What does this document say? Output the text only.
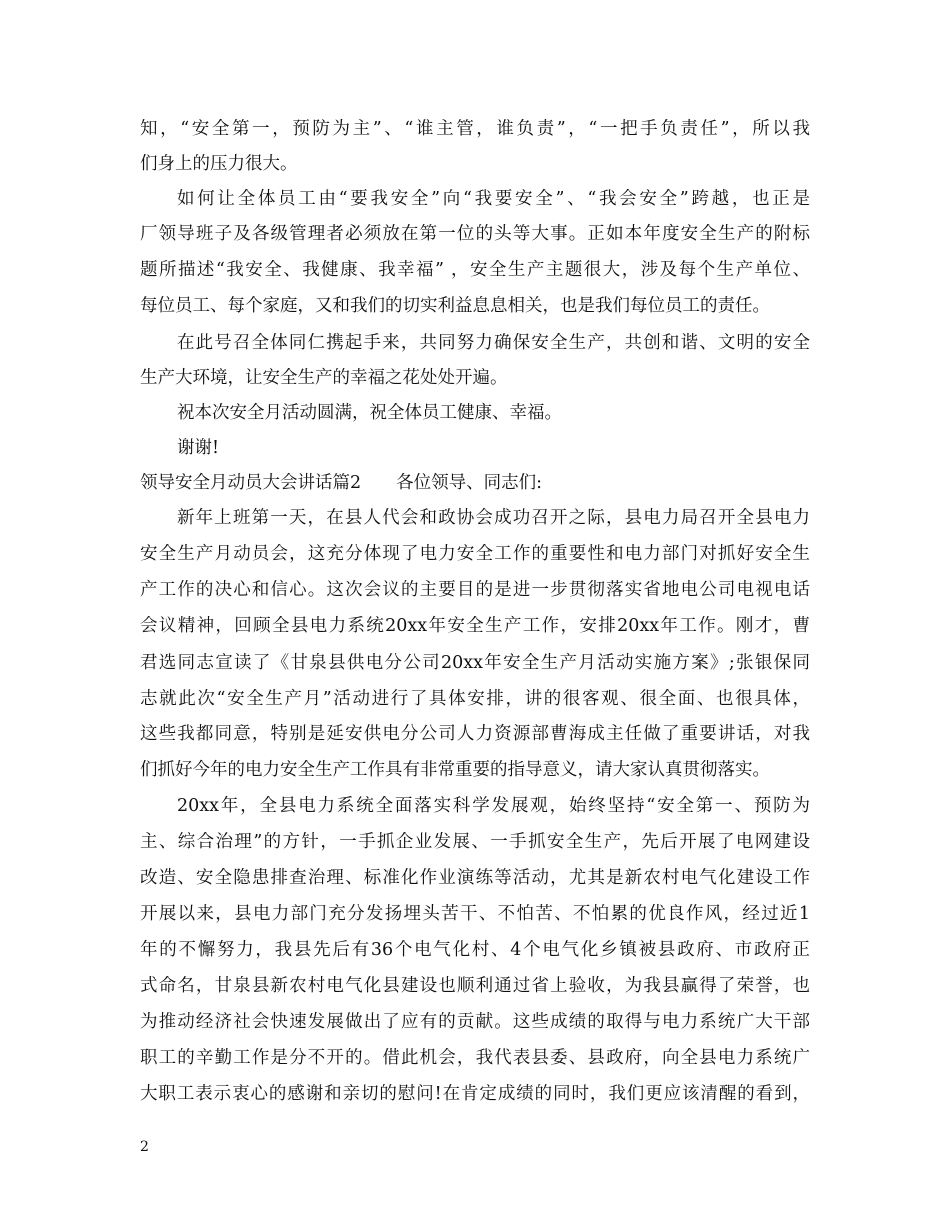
知，“安全第一，预防为主”、“谁主管，谁负责”，“一把手负责任”，所以我
们身上的压力很大。
如何让全体员工由“要我安全”向“我要安全”、“我会安全”跨越，也正是
厂领导班子及各级管理者必须放在第一位的头等大事。正如本年度安全生产的附标
题所描述“我安全、我健康、我幸福” ，安全生产主题很大，涉及每个生产单位、
每位员工、每个家庭，又和我们的切实利益息息相关，也是我们每位员工的责任。
在此号召全体同仁携起手来，共同努力确保安全生产，共创和谐、文明的安全
生产大环境，让安全生产的幸福之花处处开遍。
祝本次安全月活动圆满，祝全体员工健康、幸福。
谢谢!
领导安全月动员大会讲话篇2　　各位领导、同志们:
新年上班第一天，在县人代会和政协会成功召开之际，县电力局召开全县电力
安全生产月动员会，这充分体现了电力安全工作的重要性和电力部门对抓好安全生
产工作的决心和信心。这次会议的主要目的是进一步贯彻落实省地电公司电视电话
会议精神，回顾全县电力系统20xx年安全生产工作，安排20xx年工作。刚才，曹
君选同志宣读了《甘泉县供电分公司20xx年安全生产月活动实施方案》;张银保同
志就此次“安全生产月”活动进行了具体安排，讲的很客观、很全面、也很具体，
这些我都同意，特别是延安供电分公司人力资源部曹海成主任做了重要讲话，对我
们抓好今年的电力安全生产工作具有非常重要的指导意义，请大家认真贯彻落实。
20xx年，全县电力系统全面落实科学发展观，始终坚持“安全第一、预防为
主、综合治理”的方针，一手抓企业发展、一手抓安全生产，先后开展了电网建设
改造、安全隐患排查治理、标准化作业演练等活动，尤其是新农村电气化建设工作
开展以来，县电力部门充分发扬埋头苦干、不怕苦、不怕累的优良作风，经过近1
年的不懈努力，我县先后有36个电气化村、4个电气化乡镇被县政府、市政府正
式命名，甘泉县新农村电气化县建设也顺利通过省上验收，为我县赢得了荣誉，也
为推动经济社会快速发展做出了应有的贡献。这些成绩的取得与电力系统广大干部
职工的辛勤工作是分不开的。借此机会，我代表县委、县政府，向全县电力系统广
大职工表示衷心的感谢和亲切的慰问!在肯定成绩的同时，我们更应该清醒的看到，
2
